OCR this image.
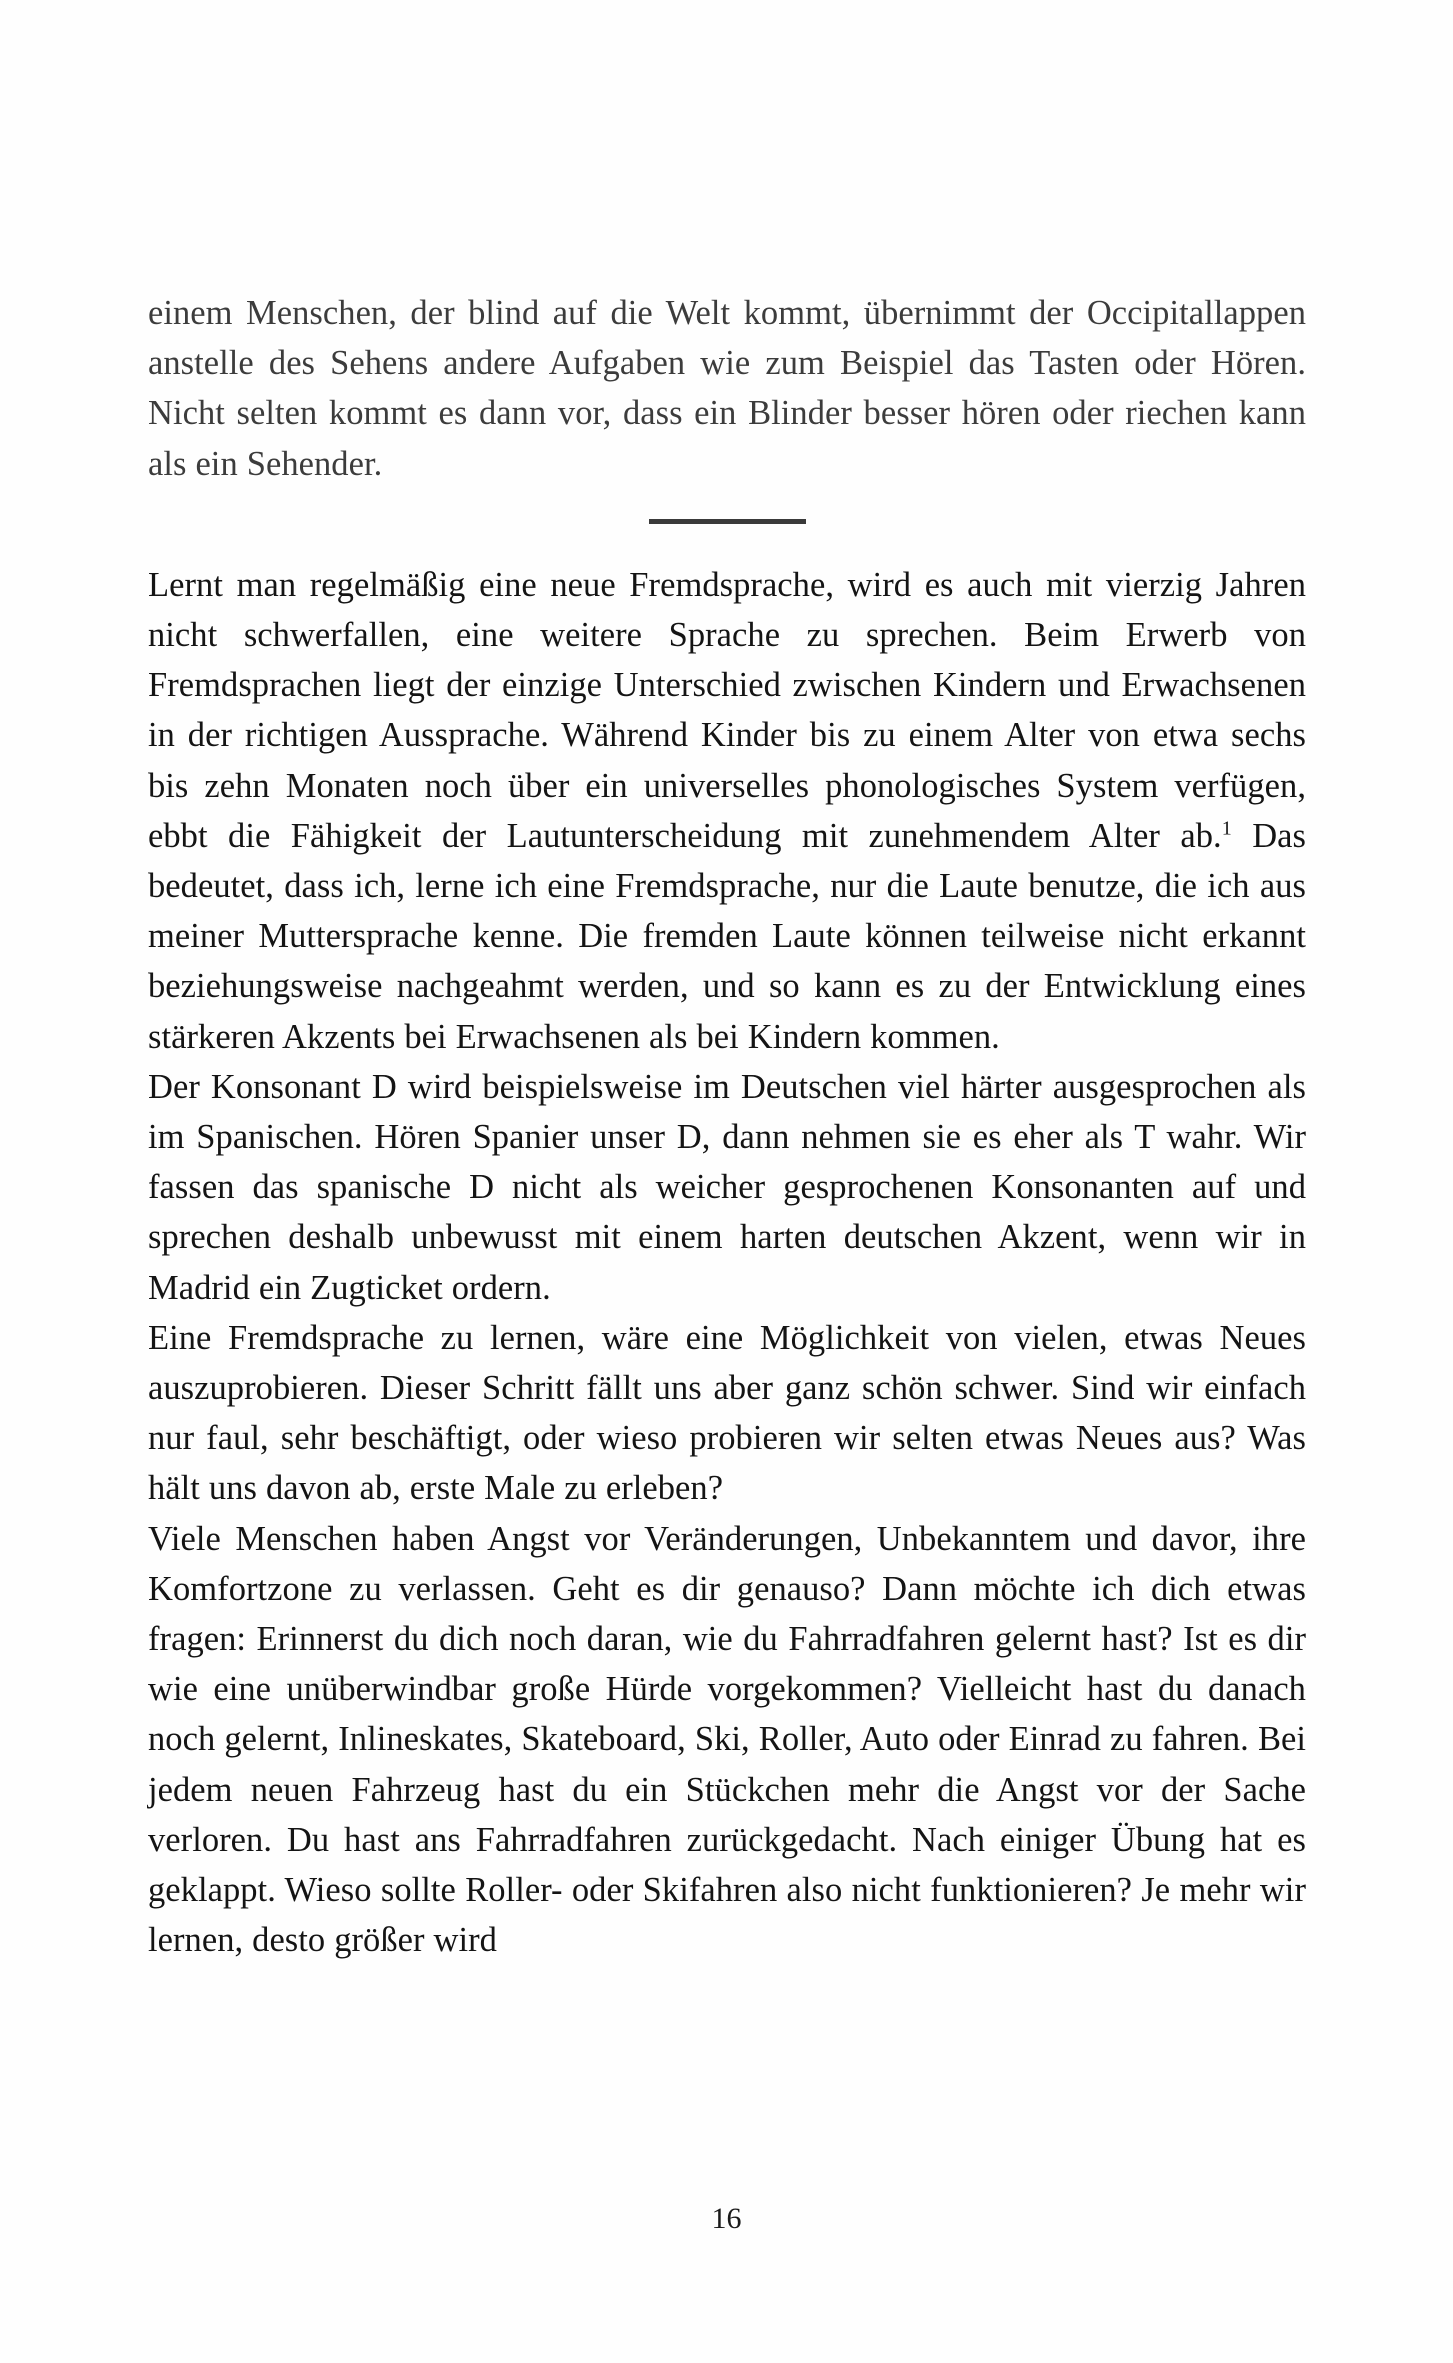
einem Menschen, der blind auf die Welt kommt, übernimmt der Occipitallappen anstelle des Sehens andere Aufgaben wie zum Beispiel das Tasten oder Hören. Nicht selten kommt es dann vor, dass ein Blinder besser hören oder riechen kann als ein Sehender.

Lernt man regelmäßig eine neue Fremdsprache, wird es auch mit vierzig Jahren nicht schwerfallen, eine weitere Sprache zu sprechen. Beim Erwerb von Fremdsprachen liegt der einzige Unterschied zwischen Kindern und Erwachsenen in der richtigen Aussprache. Während Kinder bis zu einem Alter von etwa sechs bis zehn Monaten noch über ein universelles phonologisches System verfügen, ebbt die Fähigkeit der Lautunterscheidung mit zunehmendem Alter ab.$^1$ Das bedeutet, dass ich, lerne ich eine Fremdsprache, nur die Laute benutze, die ich aus meiner Muttersprache kenne. Die fremden Laute können teilweise nicht erkannt beziehungsweise nachgeahmt werden, und so kann es zu der Entwicklung eines stärkeren Akzents bei Erwachsenen als bei Kindern kommen.

Der Konsonant D wird beispielsweise im Deutschen viel härter ausgesprochen als im Spanischen. Hören Spanier unser D, dann nehmen sie es eher als T wahr. Wir fassen das spanische D nicht als weicher gesprochenen Konsonanten auf und sprechen deshalb unbewusst mit einem harten deutschen Akzent, wenn wir in Madrid ein Zugticket ordern.

Eine Fremdsprache zu lernen, wäre eine Möglichkeit von vielen, etwas Neues auszuprobieren. Dieser Schritt fällt uns aber ganz schön schwer. Sind wir einfach nur faul, sehr beschäftigt, oder wieso probieren wir selten etwas Neues aus? Was hält uns davon ab, erste Male zu erleben?

Viele Menschen haben Angst vor Veränderungen, Unbekanntem und davor, ihre Komfortzone zu verlassen. Geht es dir genauso? Dann möchte ich dich etwas fragen: Erinnerst du dich noch daran, wie du Fahrradfahren gelernt hast? Ist es dir wie eine unüberwindbar große Hürde vorgekommen? Vielleicht hast du danach noch gelernt, Inlineskates, Skateboard, Ski, Roller, Auto oder Einrad zu fahren. Bei jedem neuen Fahrzeug hast du ein Stückchen mehr die Angst vor der Sache verloren. Du hast ans Fahrradfahren zurückgedacht. Nach einiger Übung hat es geklappt. Wieso sollte Roller- oder Skifahren also nicht funktionieren? Je mehr wir lernen, desto größer wird

16
